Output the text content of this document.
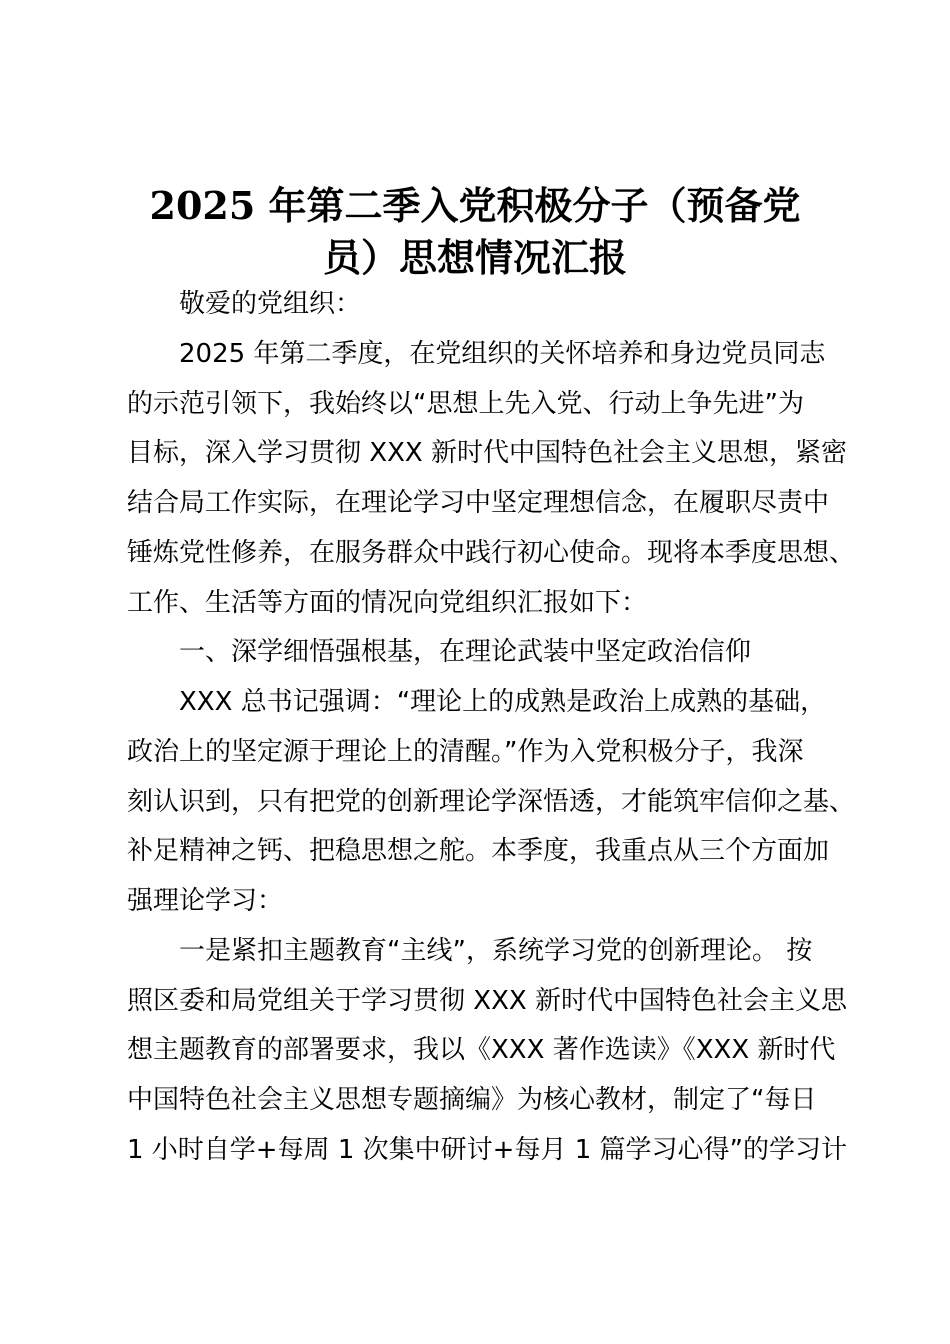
2025 年第二季入党积极分子（预备党
员）思想情况汇报
敬爱的党组织：
2025 年第二季度，在党组织的关怀培养和身边党员同志
的示范引领下，我始终以“思想上先入党、行动上争先进”为
目标，深入学习贯彻 XXX 新时代中国特色社会主义思想，紧密
结合局工作实际，在理论学习中坚定理想信念，在履职尽责中
锤炼党性修养，在服务群众中践行初心使命。现将本季度思想、
工作、生活等方面的情况向党组织汇报如下：
一、深学细悟强根基，在理论武装中坚定政治信仰
XXX 总书记强调：“理论上的成熟是政治上成熟的基础，
政治上的坚定源于理论上的清醒。”作为入党积极分子，我深
刻认识到，只有把党的创新理论学深悟透，才能筑牢信仰之基、
补足精神之钙、把稳思想之舵。本季度，我重点从三个方面加
强理论学习：
一是紧扣主题教育“主线”，系统学习党的创新理论。 按
照区委和局党组关于学习贯彻 XXX 新时代中国特色社会主义思
想主题教育的部署要求，我以《XXX 著作选读》《XXX 新时代
中国特色社会主义思想专题摘编》为核心教材，制定了“每日
1 小时自学+每周 1 次集中研讨+每月 1 篇学习心得”的学习计
